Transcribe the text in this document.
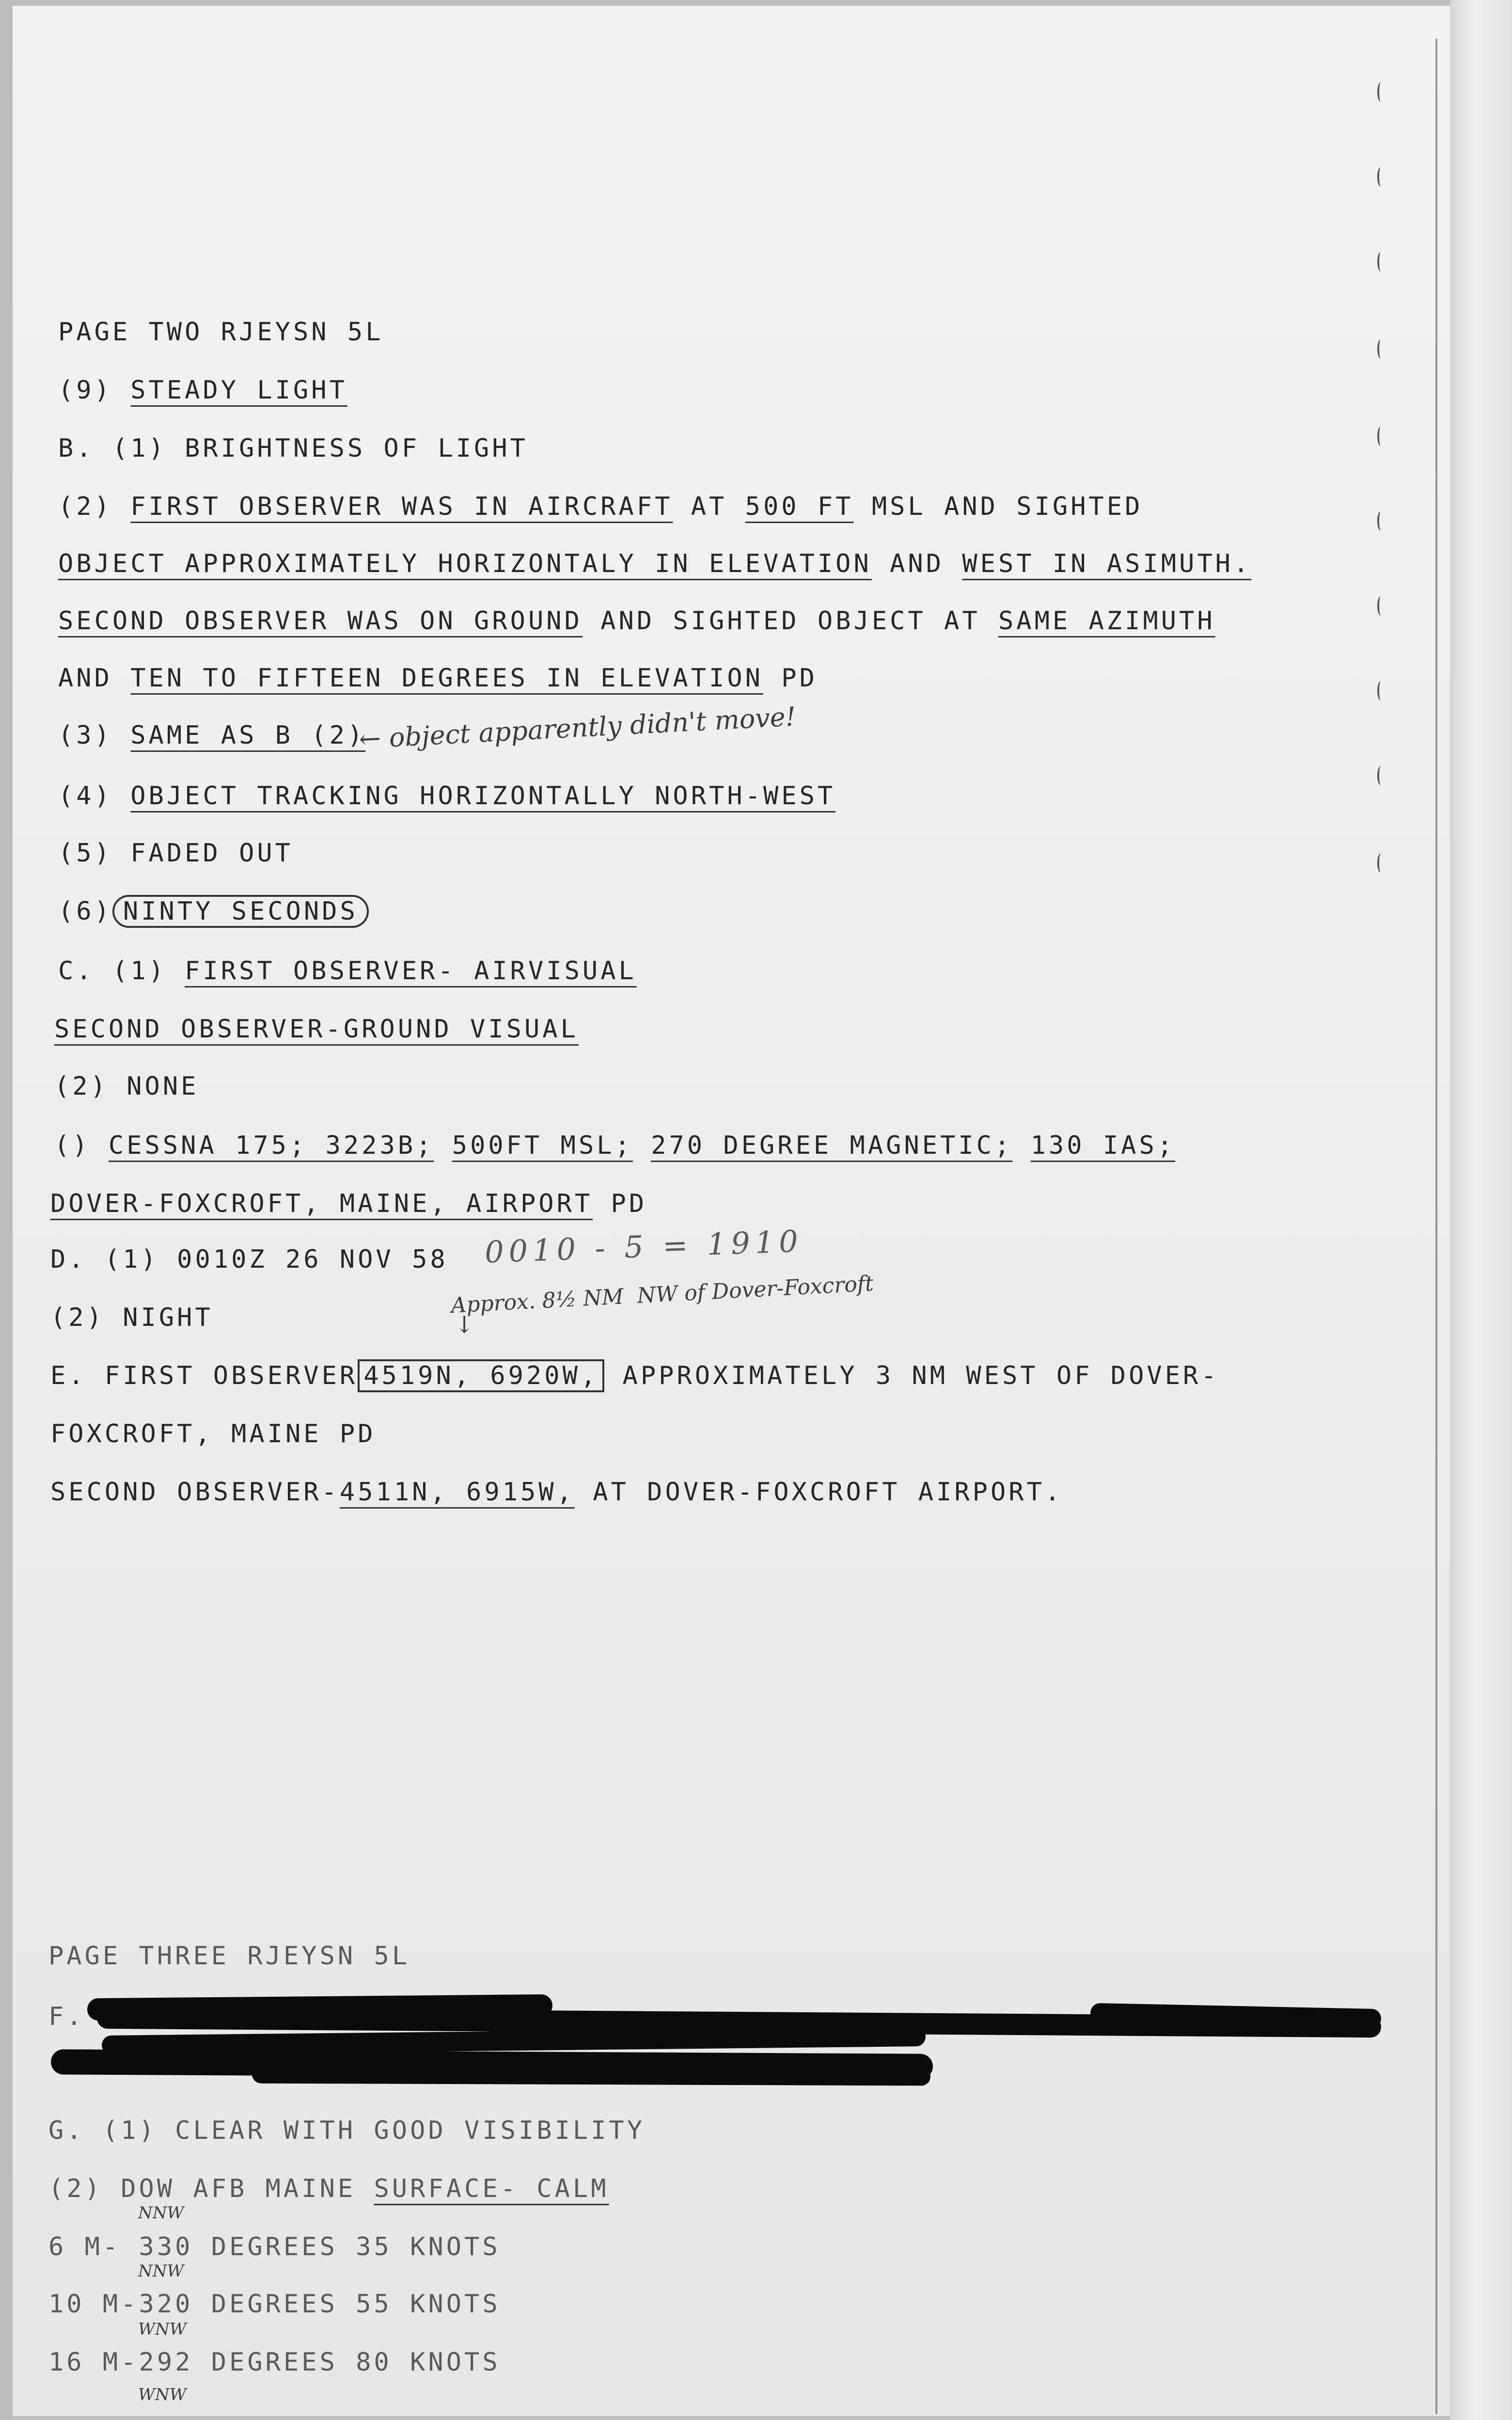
PAGE TWO RJEYSN 5L
(9) STEADY LIGHT
B. (1) BRIGHTNESS OF LIGHT
(2) FIRST OBSERVER WAS IN AIRCRAFT AT 500 FT MSL AND SIGHTED
OBJECT APPROXIMATELY HORIZONTALY IN ELEVATION AND WEST IN ASIMUTH.
SECOND OBSERVER WAS ON GROUND AND SIGHTED OBJECT AT SAME AZIMUTH
AND TEN TO FIFTEEN DEGREES IN ELEVATION PD
(3) SAME AS B (2)
← object apparently didn't move!
(4) OBJECT TRACKING HORIZONTALLY NORTH-WEST
(5) FADED OUT
(6) NINTY SECONDS
C. (1) FIRST OBSERVER- AIRVISUAL
SECOND OBSERVER-GROUND VISUAL
(2) NONE
() CESSNA 175; 3223B; 500FT MSL; 270 DEGREE MAGNETIC; 130 IAS;
DOVER-FOXCROFT, MAINE, AIRPORT PD
D. (1) 0010Z 26 NOV 58 0010 - 5 = 1910
Approx. 8½ NM  NW of Dover-Foxcroft
↓
(2) NIGHT
E. FIRST OBSERVER 4519N, 6920W, APPROXIMATELY 3 NM WEST OF DOVER-
FOXCROFT, MAINE PD
SECOND OBSERVER-4511N, 6915W, AT DOVER-FOXCROFT AIRPORT.
PAGE THREE RJEYSN 5L
F.
G. (1) CLEAR WITH GOOD VISIBILITY
(2) DOW AFB MAINE SURFACE- CALM
NNW
6 M- 330 DEGREES 35 KNOTS
NNW
10 M-320 DEGREES 55 KNOTS
WNW
16 M-292 DEGREES 80 KNOTS
WNW
